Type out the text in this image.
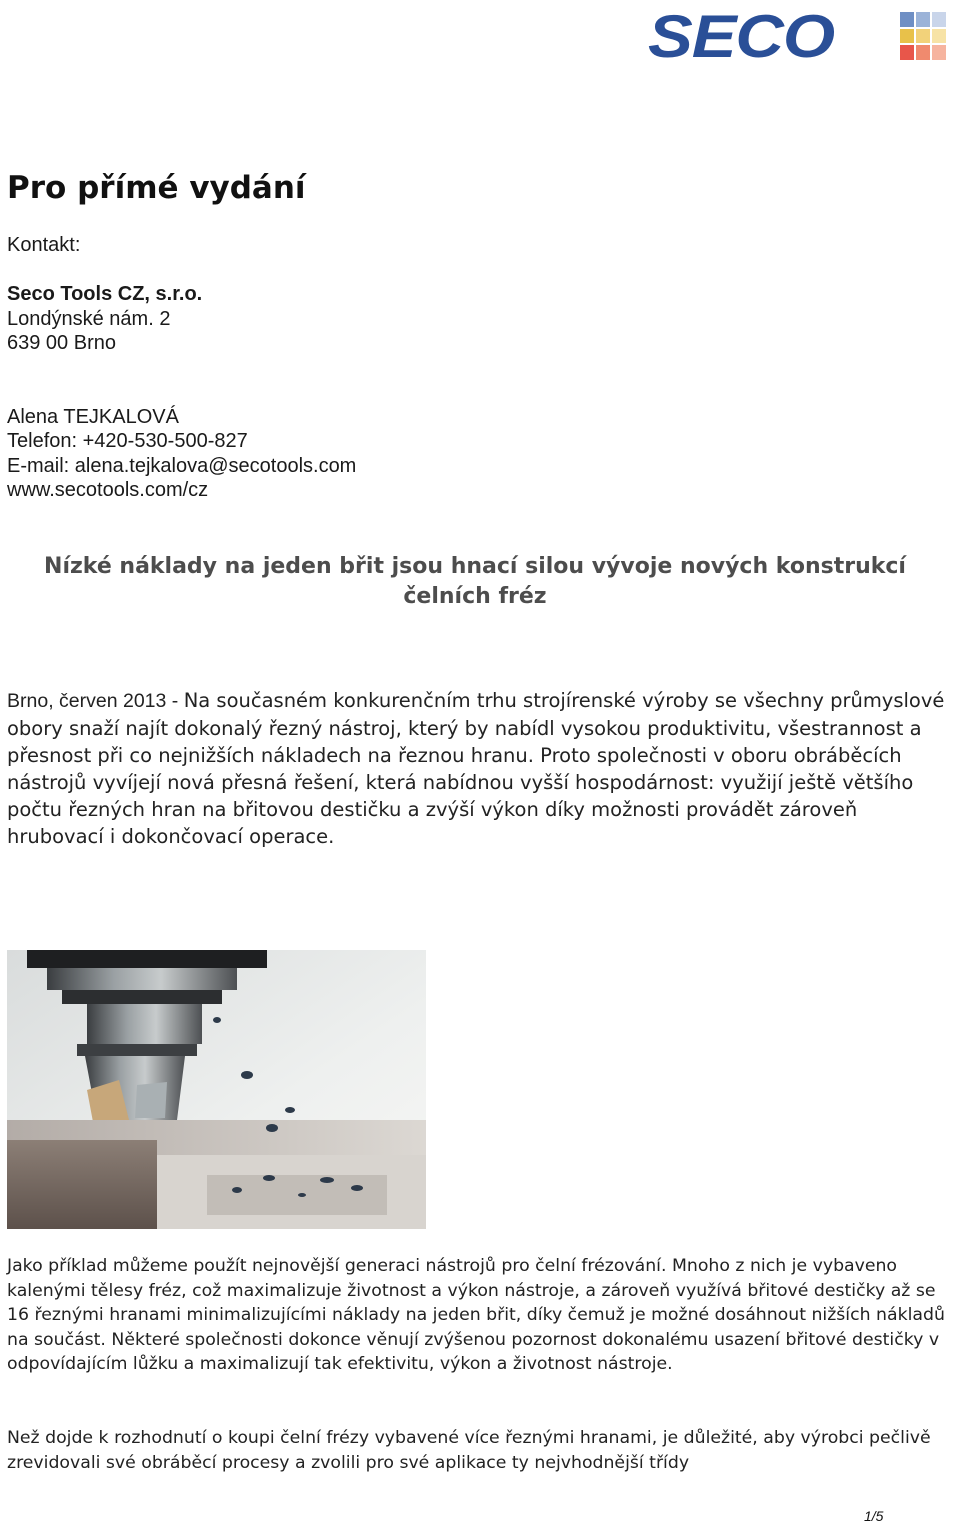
SECO
Pro přímé vydání
Kontakt:
Seco Tools CZ, s.r.o.
Londýnské nám. 2
639 00 Brno
Alena TEJKALOVÁ
Telefon: +420-530-500-827
E-mail: alena.tejkalova@secotools.com
www.secotools.com/cz
Nízké náklady na jeden břit jsou hnací silou vývoje nových konstrukcí čelních fréz

Brno, červen 2013 - Na současném konkurenčním trhu strojírenské výroby se všechny průmyslové obory snaží najít dokonalý řezný nástroj, který by nabídl vysokou produktivitu, všestrannost a přesnost při co nejnižších nákladech na řeznou hranu. Proto společnosti v oboru obráběcích nástrojů vyvíjejí nová přesná řešení, která nabídnou vyšší hospodárnost: využijí ještě většího počtu řezných hran na břitovou destičku a zvýší výkon díky možnosti provádět zároveň hrubovací i dokončovací operace.

Jako příklad můžeme použít nejnovější generaci nástrojů pro čelní frézování. Mnoho z nich je vybaveno kalenými tělesy fréz, což maximalizuje životnost a výkon nástroje, a zároveň využívá břitové destičky až se 16 řeznými hranami minimalizujícími náklady na jeden břit, díky čemuž je možné dosáhnout nižších nákladů na součást. Některé společnosti dokonce věnují zvýšenou pozornost dokonalému usazení břitové destičky v odpovídajícím lůžku a maximalizují tak efektivitu, výkon a životnost nástroje.

Než dojde k rozhodnutí o koupi čelní frézy vybavené více řeznými hranami, je důležité, aby výrobci pečlivě zrevidovali své obráběcí procesy a zvolili pro své aplikace ty nejvhodnější třídy

1/5
